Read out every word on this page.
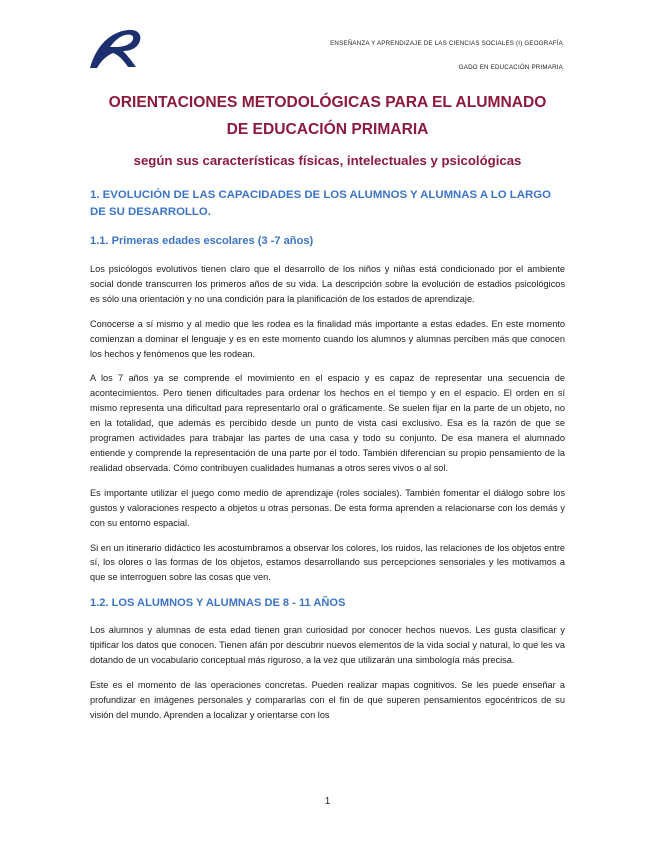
ENSEÑANZA Y APRENDIZAJE DE LAS CIENCIAS SOCIALES (I) GEOGRAFÍA
GADO EN EDUCACIÓN PRIMARIA
ORIENTACIONES METODOLÓGICAS PARA EL ALUMNADO
DE EDUCACIÓN PRIMARIA
según sus características físicas, intelectuales y psicológicas
1. EVOLUCIÓN DE LAS CAPACIDADES DE LOS ALUMNOS Y ALUMNAS A LO LARGO DE SU DESARROLLO.
1.1. Primeras edades escolares (3 -7 años)

Los psicólogos evolutivos tienen claro que el desarrollo de los niños y niñas está condicionado por el ambiente social donde transcurren los primeros años de su vida. La descripción sobre la evolución de estadios psicológicos es sólo una orientación y no una condición para la planificación de los estados de aprendizaje.

Conocerse a sí mismo y al medio que les rodea es la finalidad más importante a estas edades. En este momento comienzan a dominar el lenguaje y es en este momento cuando los alumnos y alumnas perciben más que conocen los hechos y fenómenos que les rodean.

A los 7 años ya se comprende el movimiento en el espacio y es capaz de representar una secuencia de acontecimientos. Pero tienen dificultades para ordenar los hechos en el tiempo y en el espacio. El orden en sí mismo representa una dificultad para representarlo oral o gráficamente. Se suelen fijar en la parte de un objeto, no en la totalidad, que además es percibido desde un punto de vista casi exclusivo. Esa es la razón de que se programen actividades para trabajar las partes de una casa y todo su conjunto. De esa manera el alumnado entiende y comprende la representación de una parte por el todo. También diferencian su propio pensamiento de la realidad observada. Cómo contribuyen cualidades humanas a otros seres vivos o al sol.

Es importante utilizar el juego como medio de aprendizaje (roles sociales). También fomentar el diálogo sobre los gustos y valoraciones respecto a objetos u otras personas. De esta forma aprenden a relacionarse con los demás y con su entorno espacial.

Si en un itinerario didáctico les acostumbramos a observar los colores, los ruidos, las relaciones de los objetos entre sí, los olores o las formas de los objetos, estamos desarrollando sus percepciones sensoriales y les motivamos a que se interroguen sobre las cosas que ven.

1.2. LOS ALUMNOS Y ALUMNAS DE 8 - 11 AÑOS

Los alumnos y alumnas de esta edad tienen gran curiosidad por conocer hechos nuevos. Les gusta clasificar y tipificar los datos que conocen. Tienen afán por descubrir nuevos elementos de la vida social y natural, lo que les va dotando de un vocabulario conceptual más riguroso, a la vez que utilizarán una simbología más precisa.

Este es el momento de las operaciones concretas. Pueden realizar mapas cognitivos. Se les puede enseñar a profundizar en imágenes personales y compararlas con el fin de que superen pensamientos egocéntricos de su visión del mundo. Aprenden a localizar y orientarse con los

1
